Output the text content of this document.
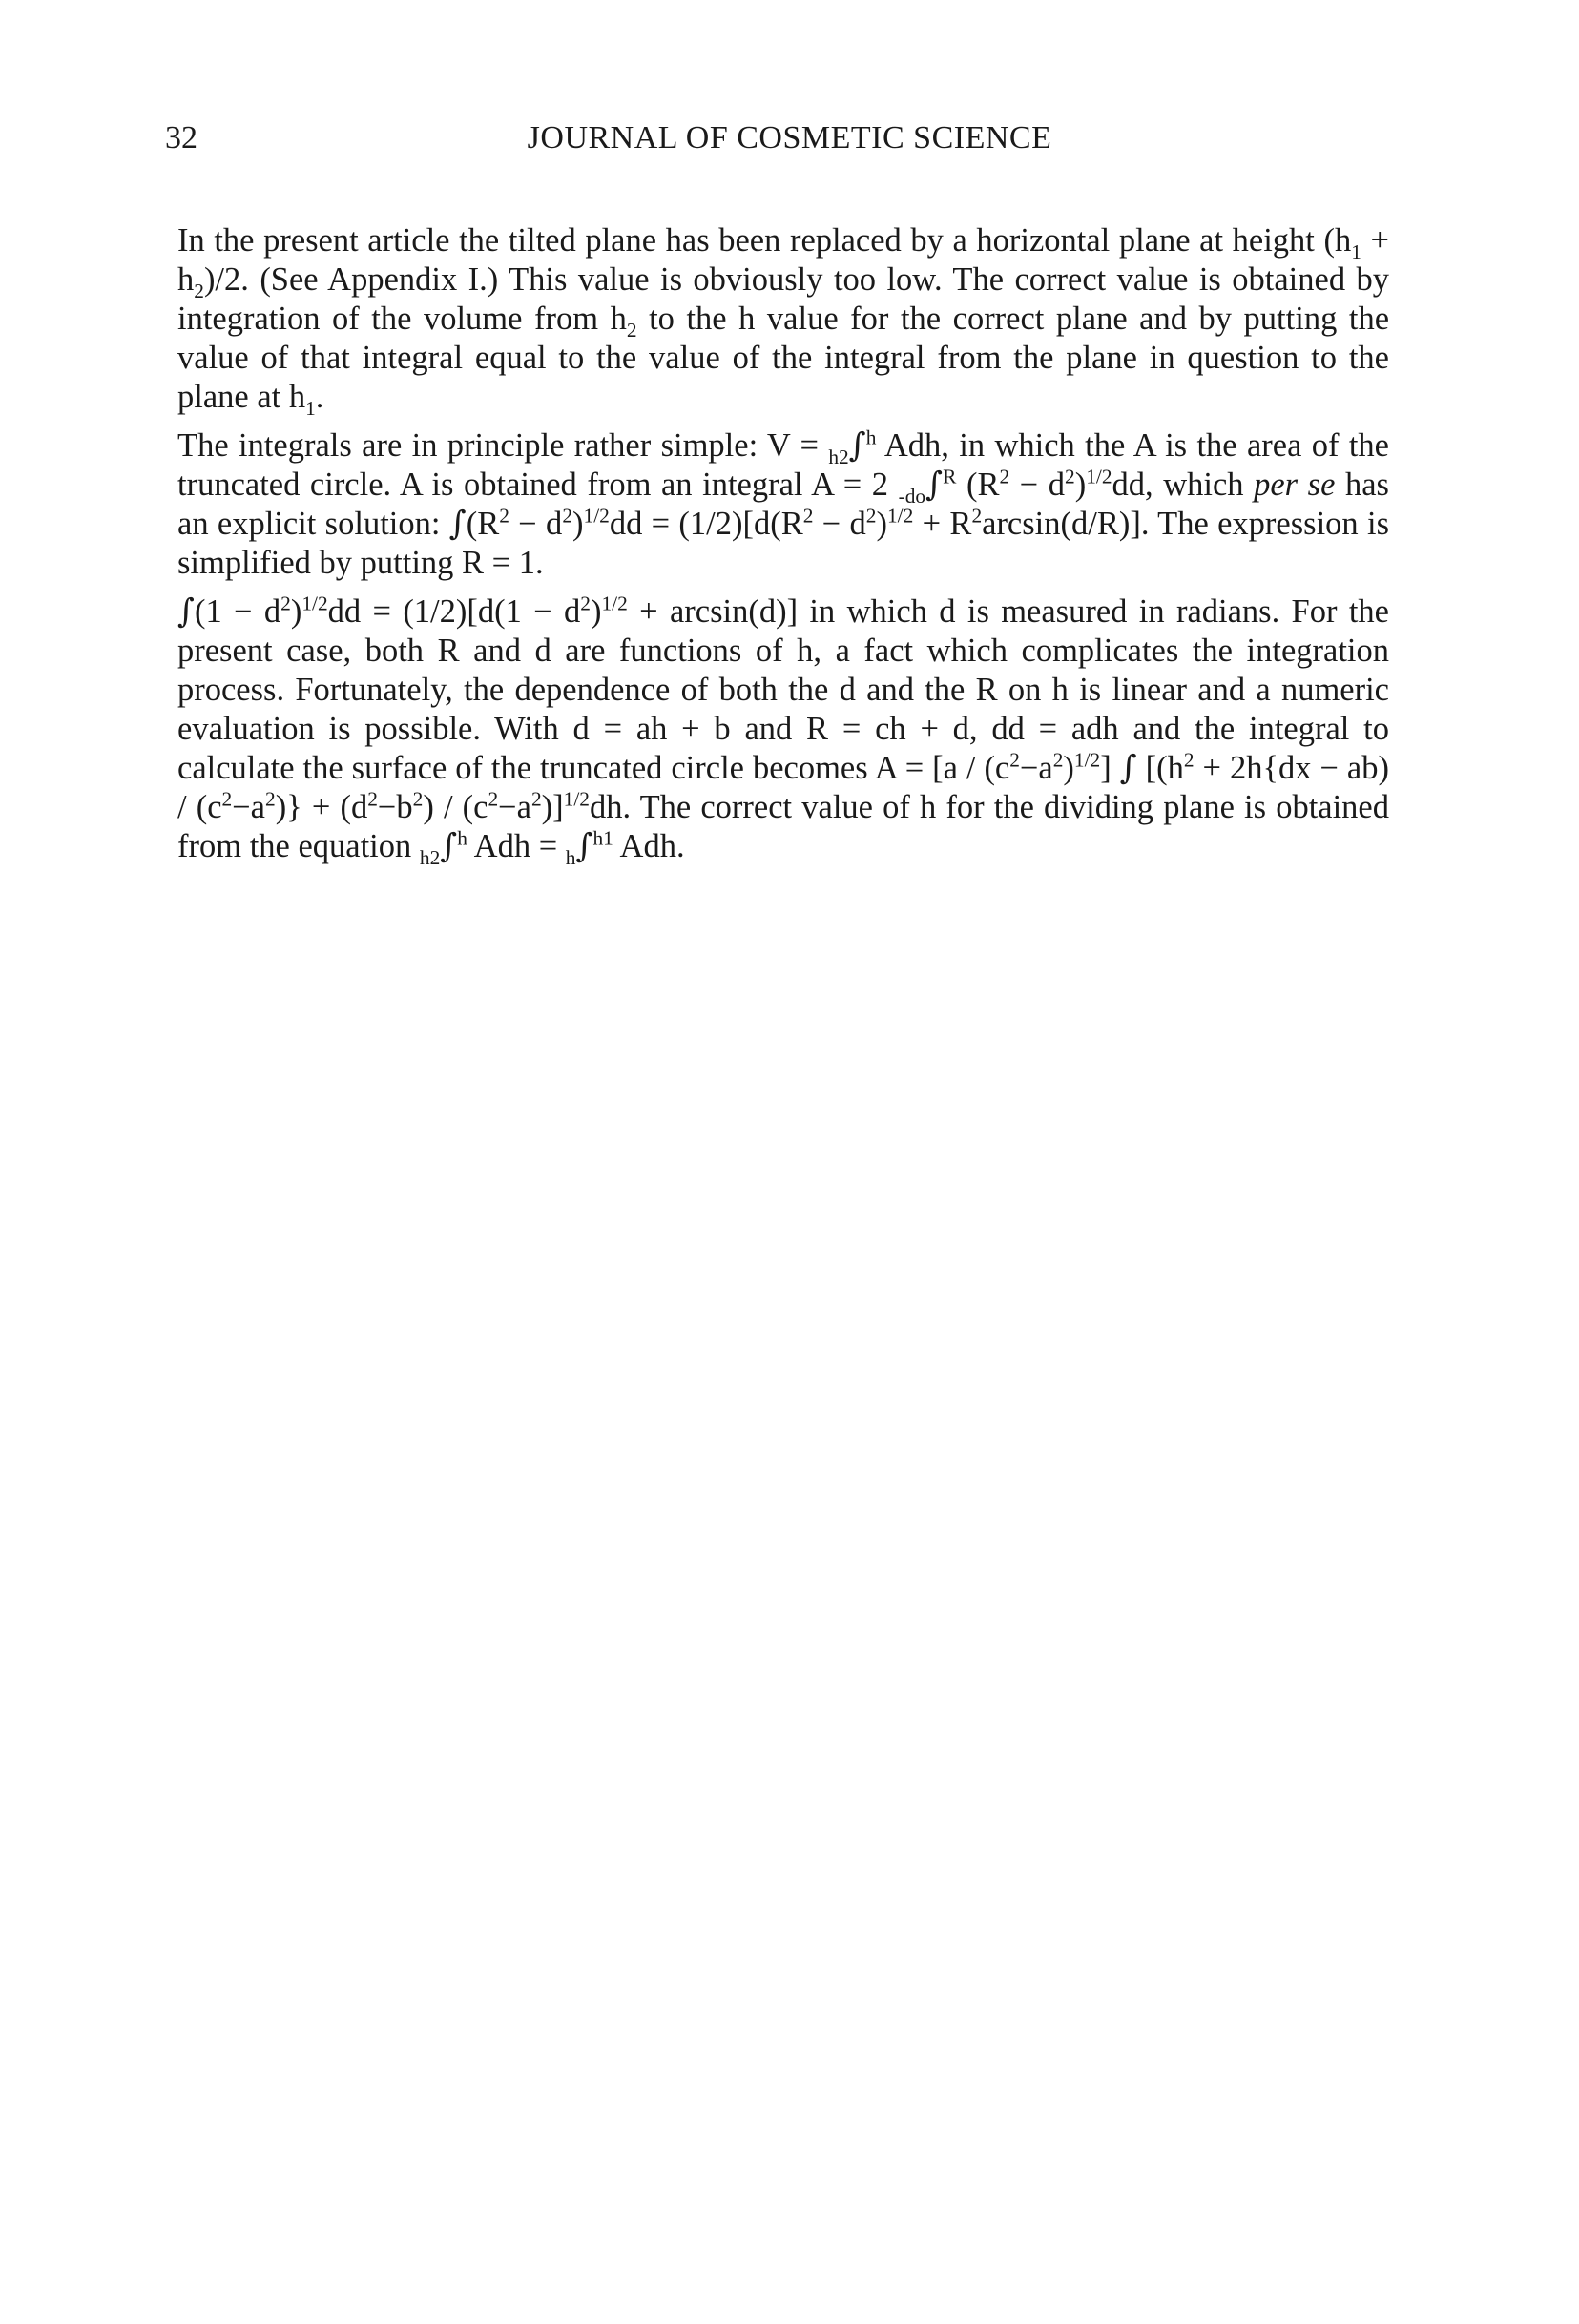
32	JOURNAL OF COSMETIC SCIENCE

In the present article the tilted plane has been replaced by a horizontal plane at height $(h_1 + h_2)/2$. (See Appendix I.) This value is obviously too low. The correct value is obtained by integration of the volume from $h_2$ to the h value for the correct plane and by putting the value of that integral equal to the value of the integral from the plane in question to the plane at $h_1$.

The integrals are in principle rather simple: V = $_{h2}$∫$^h$ Adh, in which the A is the area of the truncated circle. A is obtained from an integral A = 2 $_{-do}$∫$^R$ $(R^2 - d^2)^{1/2}dd$, which per se has an explicit solution: $\int(R^2 - d^2)^{1/2}dd = (1/2)[d(R^2 - d^2)^{1/2} + R^2\arcsin(d/R)]$. The expression is simplified by putting R = 1.

$\int(1 - d^2)^{1/2}dd = (1/2)[d(1 - d^2)^{1/2} + \arcsin(d)]$ in which d is measured in radians. For the present case, both R and d are functions of h, a fact which complicates the integration process. Fortunately, the dependence of both the d and the R on h is linear and a numeric evaluation is possible. With d = ah + b and R = ch + d, dd = adh and the integral to calculate the surface of the truncated circle becomes $A = [a / (c^2-a^2)^{1/2}]$ ∫ $[(h^2 + 2h\{dx - ab) / (c^2-a^2)\} + (d^2-b^2) / (c^2-a^2)]^{1/2}dh$. The correct value of h for the dividing plane is obtained from the equation $_{h2}$∫$^h$ Adh = $_h$∫$^{h1}$ Adh.
